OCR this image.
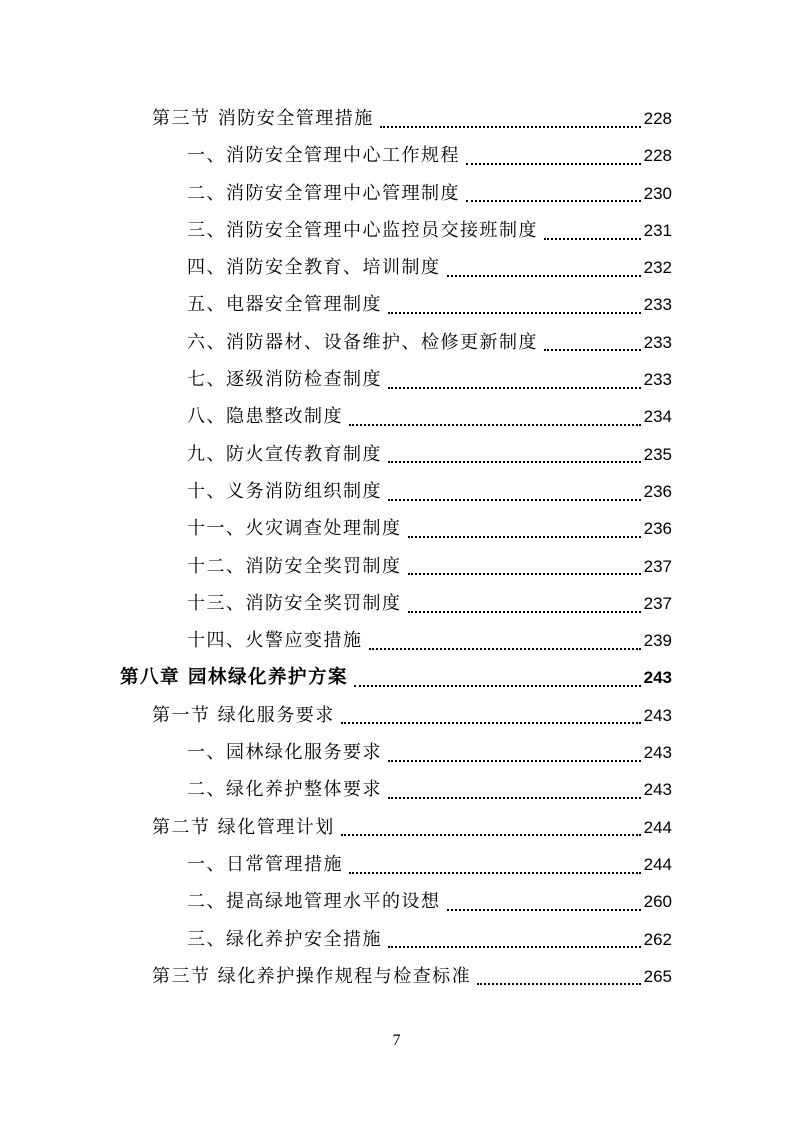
第三节 消防安全管理措施	228
一、消防安全管理中心工作规程	228
二、消防安全管理中心管理制度	230
三、消防安全管理中心监控员交接班制度	231
四、消防安全教育、培训制度	232
五、电器安全管理制度	233
六、消防器材、设备维护、检修更新制度	233
七、逐级消防检查制度	233
八、隐患整改制度	234
九、防火宣传教育制度	235
十、义务消防组织制度	236
十一、火灾调查处理制度	236
十二、消防安全奖罚制度	237
十三、消防安全奖罚制度	237
十四、火警应变措施	239
第八章 园林绿化养护方案	243
第一节 绿化服务要求	243
一、园林绿化服务要求	243
二、绿化养护整体要求	243
第二节 绿化管理计划	244
一、日常管理措施	244
二、提高绿地管理水平的设想	260
三、绿化养护安全措施	262
第三节 绿化养护操作规程与检查标准	265
7
